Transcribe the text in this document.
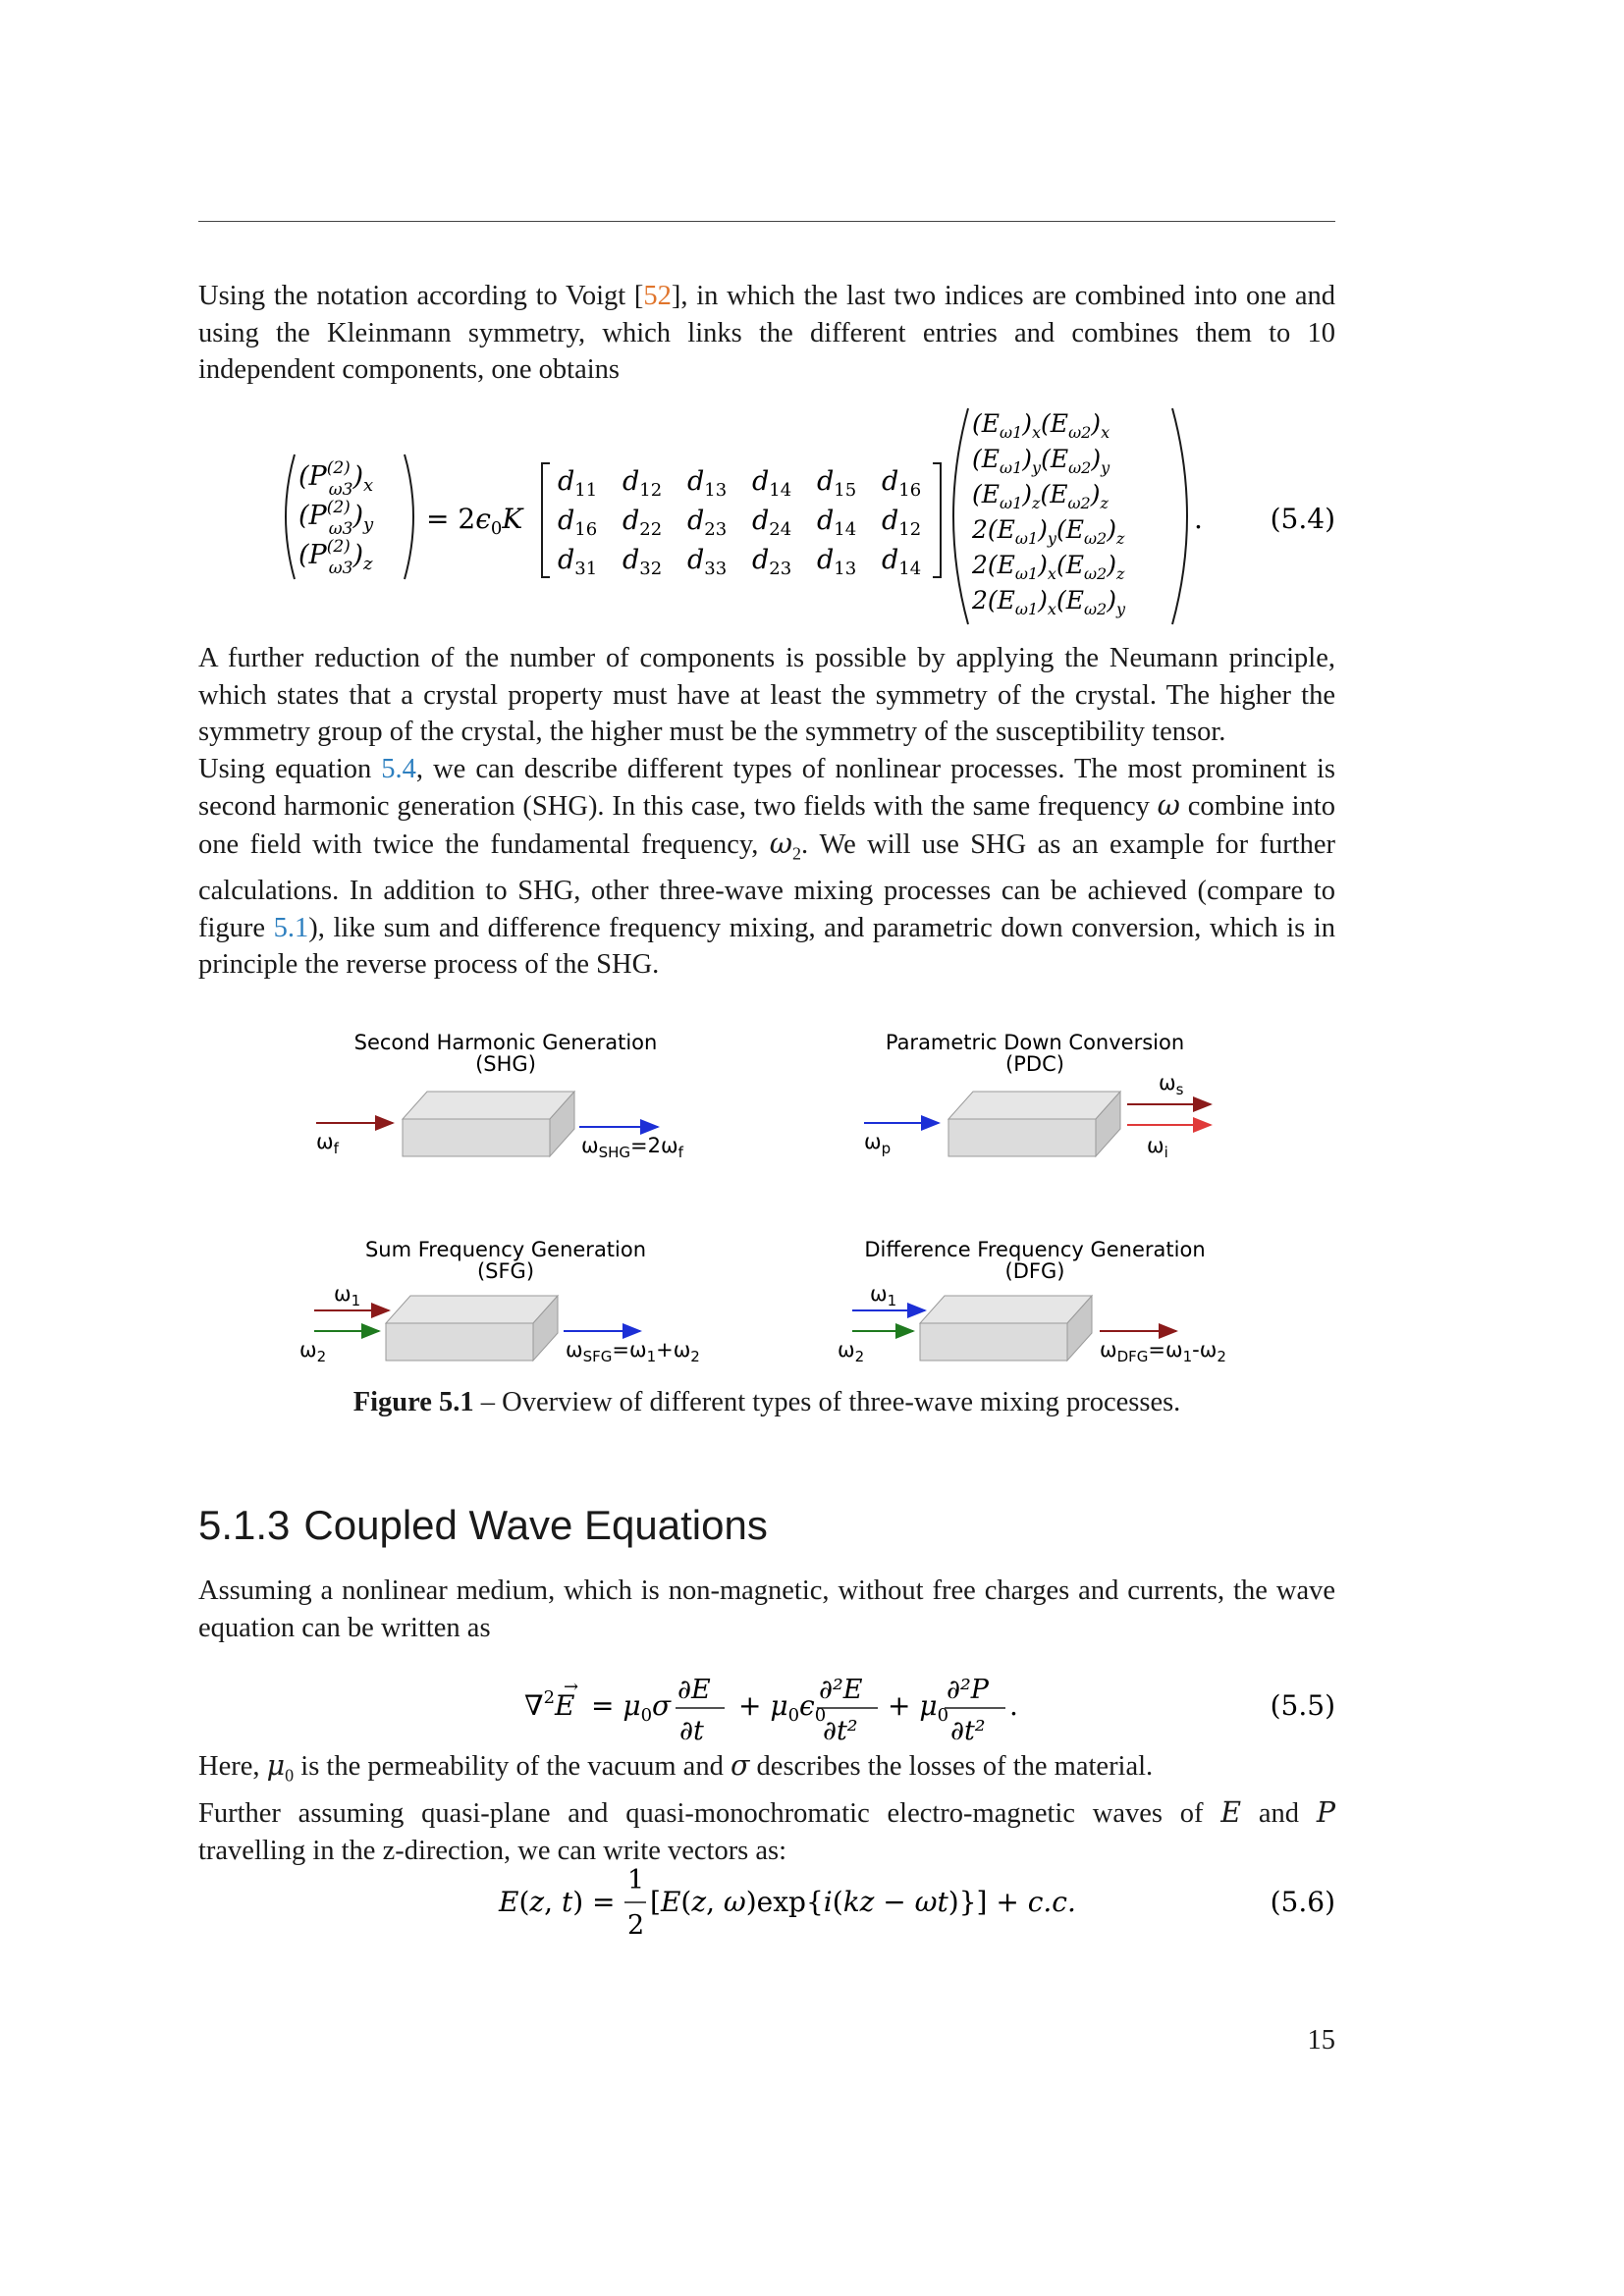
Using the notation according to Voigt [52], in which the last two indices are combined into one and using the Kleinmann symmetry, which links the different entries and combines them to 10 independent components, one obtains

($P^{(2)}$ $\omega 3)_x$
($P^{(2)}$ $\omega 3)_y$
($P^{(2)}$ $\omega 3)_z$
= $2\epsilon_0K$
$d_{11}$ $d_{12}$ $d_{13}$ $d_{14}$ $d_{15}$ $d_{16}$
$d_{16}$ $d_{22}$ $d_{23}$ $d_{24}$ $d_{14}$ $d_{12}$
$d_{31}$ $d_{32}$ $d_{33}$ $d_{23}$ $d_{13}$ $d_{14}$
$(E_{\omega 1})_x(E_{\omega 2})_x$
$(E_{\omega 1})_y(E_{\omega 2})_y$
$(E_{\omega 1})_z(E_{\omega 2})_z$
$2(E_{\omega 1})_y(E_{\omega 2})_z$
$2(E_{\omega 1})_x(E_{\omega 2})_z$
$2(E_{\omega 1})_x(E_{\omega 2})_y$
. (5.4)

A further reduction of the number of components is possible by applying the Neumann principle, which states that a crystal property must have at least the symmetry of the crystal. The higher the symmetry group of the crystal, the higher must be the symmetry of the susceptibility tensor.

Using equation 5.4, we can describe different types of nonlinear processes. The most prominent is second harmonic generation (SHG). In this case, two fields with the same frequency ω combine into one field with twice the fundamental frequency, $\omega_2$. We will use SHG as an example for further calculations. In addition to SHG, other three-wave mixing processes can be achieved (compare to figure 5.1), like sum and difference frequency mixing, and parametric down conversion, which is in principle the reverse process of the SHG.

Second Harmonic Generation
(SHG)
$\omega_f$	$\omega_{SHG}=2\omega_f$
Parametric Down Conversion
(PDC)
$\omega_p$
$\omega_s$
$\omega_i$
Sum Frequency Generation
(SFG)
$\omega_1$
$\omega_2$	$\omega_{SFG}=\omega_1+\omega_2$
Difference Frequency Generation
(DFG)
$\omega_1$
$\omega_2$	$\omega_{DFG}=\omega_1-\omega_2$
Figure 5.1 – Overview of different types of three-wave mixing processes.
5.1.3 Coupled Wave Equations

Assuming a nonlinear medium, which is non-magnetic, without free charges and currents, the wave equation can be written as

∇$^2$E
→
= $\mu_0\sigma$ ∂E
∂t
+ $\mu_0\epsilon_0$
∂²E
∂t²
+ $\mu_0$
∂²P
∂t²
.	(5.5)

Here, $\mu_0$ is the permeability of the vacuum and σ describes the losses of the material.

Further assuming quasi-plane and quasi-monochromatic electro-magnetic waves of E and P travelling in the z-direction, we can write vectors as:

E(z, t) =
1
2
[E(z, ω)exp{i(kz − ωt)}] + c.c.	(5.6)
15
